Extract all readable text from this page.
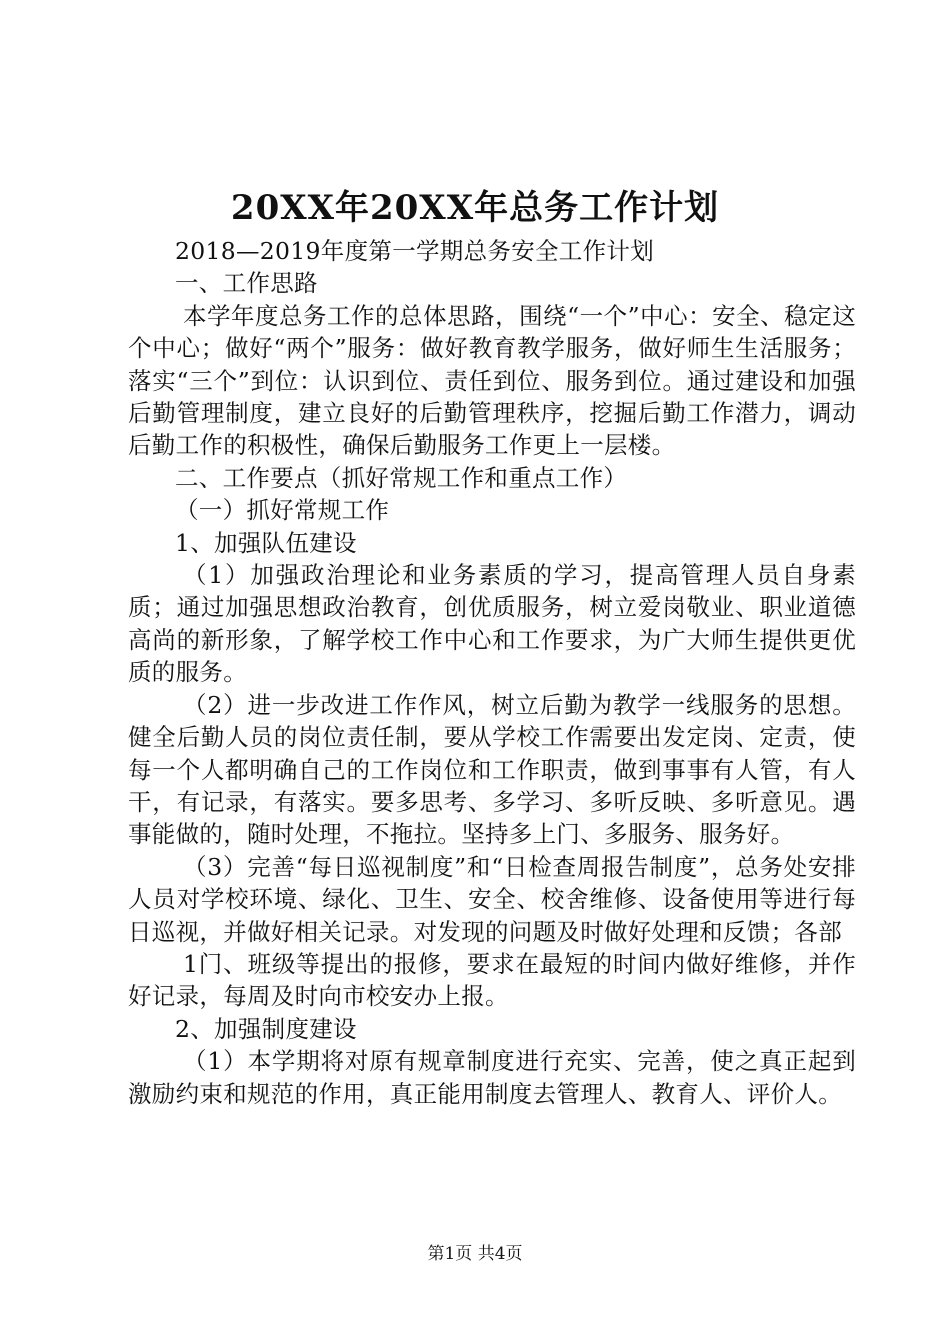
20XX年20XX年总务工作计划

2018—2019年度第一学期总务安全工作计划

一、工作思路

本学年度总务工作的总体思路，围绕“一个”中心：安全、稳定这个中心；做好“两个”服务：做好教育教学服务，做好师生生活服务；落实“三个”到位：认识到位、责任到位、服务到位。通过建设和加强后勤管理制度，建立良好的后勤管理秩序，挖掘后勤工作潜力，调动后勤工作的积极性，确保后勤服务工作更上一层楼。

二、工作要点（抓好常规工作和重点工作）

（一）抓好常规工作

1、加强队伍建设

（1）加强政治理论和业务素质的学习，提高管理人员自身素质；通过加强思想政治教育，创优质服务，树立爱岗敬业、职业道德高尚的新形象，了解学校工作中心和工作要求，为广大师生提供更优质的服务。

（2）进一步改进工作作风，树立后勤为教学一线服务的思想。健全后勤人员的岗位责任制，要从学校工作需要出发定岗、定责，使每一个人都明确自己的工作岗位和工作职责，做到事事有人管，有人干，有记录，有落实。要多思考、多学习、多听反映、多听意见。遇事能做的，随时处理，不拖拉。坚持多上门、多服务、服务好。

（3）完善“每日巡视制度”和“日检查周报告制度”，总务处安排人员对学校环境、绿化、卫生、安全、校舍维修、设备使用等进行每日巡视，并做好相关记录。对发现的问题及时做好处理和反馈；各部

1门、班级等提出的报修，要求在最短的时间内做好维修，并作好记录，每周及时向市校安办上报。

2、加强制度建设

（1）本学期将对原有规章制度进行充实、完善，使之真正起到激励约束和规范的作用，真正能用制度去管理人、教育人、评价人。

第1页 共4页
